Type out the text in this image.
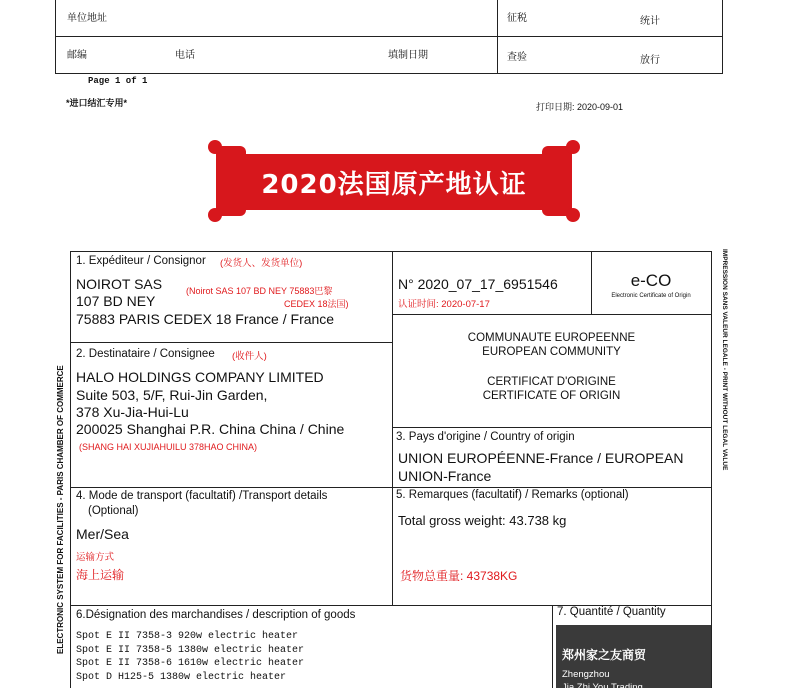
单位地址	征税	统计
邮编	电话	填制日期	查验	放行
Page 1 of 1
*进口结汇专用*	打印日期: 2020-09-01
2020法国原产地认证
ELECTRONIC SYSTEM FOR FACILITIES - PARIS CHAMBER OF COMMERCE
IMPRESSION SANS VALEUR LEGALE - PRINT WITHOUT LEGAL VALUE
1. Expéditeur / Consignor (发货人、发货单位)
NOIROT SAS
107 BD NEY
75883 PARIS CEDEX 18 France / France
(Noirot SAS 107 BD NEY 75883巴黎
CEDEX 18法国)
N° 2020_07_17_6951546
认证时间: 2020-07-17
e-CO
Electronic Certificate of Origin
COMMUNAUTE EUROPEENNE
EUROPEAN COMMUNITY
CERTIFICAT D'ORIGINE
CERTIFICATE OF ORIGIN
2. Destinataire / Consignee (收件人)
HALO HOLDINGS COMPANY LIMITED
Suite 503, 5/F, Rui-Jin Garden,
378 Xu-Jia-Hui-Lu
200025 Shanghai P.R. China China / Chine
(SHANG HAI XUJIAHUILU 378HAO CHINA)
3. Pays d'origine / Country of origin
UNION EUROPÉENNE-France / EUROPEAN
UNION-France
4. Mode de transport (facultatif) /Transport details
(Optional)
Mer/Sea
运输方式
海上运输
5. Remarques (facultatif) / Remarks (optional)
Total gross weight: 43.738 kg
货物总重量: 43738KG
6.Désignation des marchandises / description of goods
Spot E II 7358-3 920w electric heater
Spot E II 7358-5 1380w electric heater
Spot E II 7358-6 1610w electric heater
Spot D H125-5 1380w electric heater
7. Quantité / Quantity
郑州家之友商贸
Zhengzhou
Jia Zhi You Trading
